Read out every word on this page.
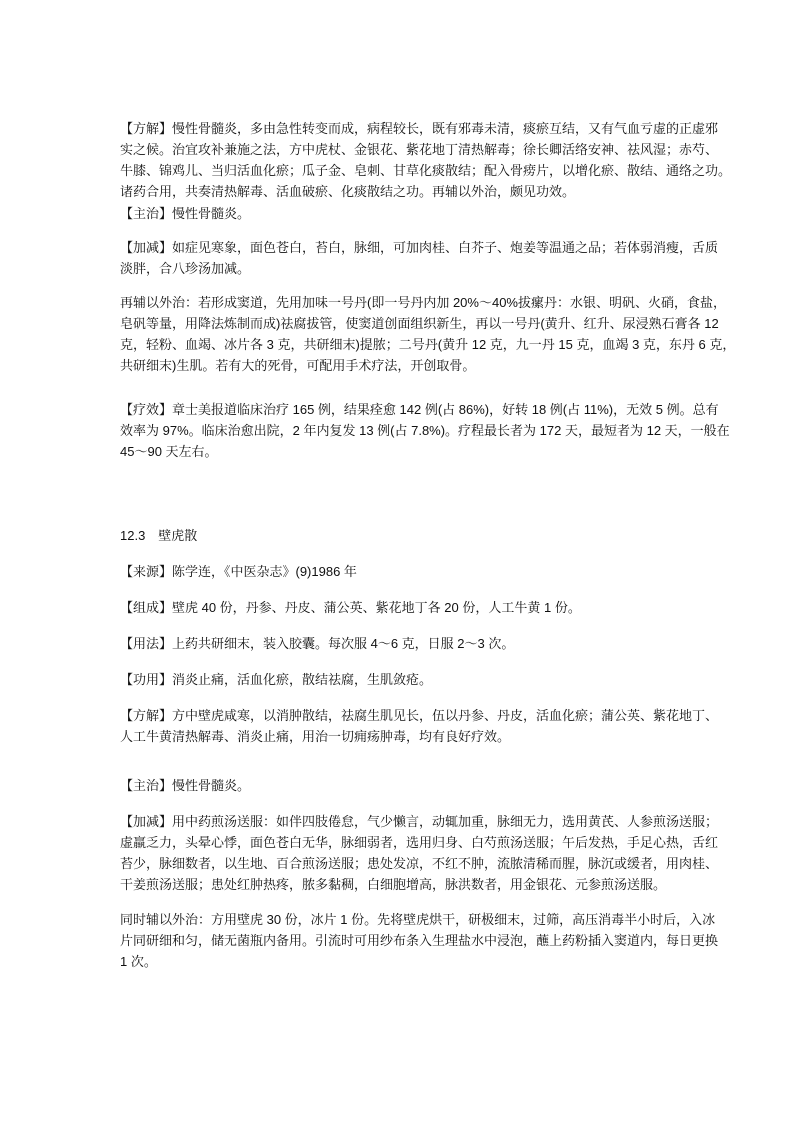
【方解】慢性骨髓炎，多由急性转变而成，病程较长，既有邪毒未清，痰瘀互结，又有气血亏虚的正虚邪
实之候。治宜攻补兼施之法，方中虎杖、金银花、紫花地丁清热解毒；徐长卿活络安神、祛风湿；赤芍、
牛膝、锦鸡儿、当归活血化瘀；瓜子金、皂刺、甘草化痰散结；配入骨痨片，以增化瘀、散结、通络之功。
诸药合用，共奏清热解毒、活血破瘀、化痰散结之功。再辅以外治，颇见功效。
【主治】慢性骨髓炎。
【加减】如症见寒象，面色苍白，苔白，脉细，可加肉桂、白芥子、炮姜等温通之品；若体弱消瘦，舌质
淡胖，合八珍汤加减。
再辅以外治：若形成窦道，先用加味一号丹(即一号丹内加 20%～40%拔瘰丹：水银、明矾、火硝，食盐，
皂矾等量，用降法炼制而成)祛腐拔管，使窦道创面组织新生，再以一号丹(黄升、红升、尿浸熟石膏各 12
克，轻粉、血竭、冰片各 3 克，共研细末)提脓；二号丹(黄升 12 克，九一丹 15 克，血竭 3 克，东丹 6 克，
共研细末)生肌。若有大的死骨，可配用手术疗法，开创取骨。
【疗效】章士美报道临床治疗 165 例，结果痊愈 142 例(占 86%)，好转 18 例(占 11%)，无效 5 例。总有
效率为 97%。临床治愈出院，2 年内复发 13 例(占 7.8%)。疗程最长者为 172 天，最短者为 12 天，一般在
45～90 天左右。
12.3　壁虎散
【来源】陈学连，《中医杂志》(9)1986 年
【组成】壁虎 40 份，丹参、丹皮、蒲公英、紫花地丁各 20 份，人工牛黄 1 份。
【用法】上药共研细末，装入胶囊。每次服 4～6 克，日服 2～3 次。
【功用】消炎止痛，活血化瘀，散结祛腐，生肌敛疮。
【方解】方中壁虎咸寒，以消肿散结，祛腐生肌见长，伍以丹参、丹皮，活血化瘀；蒲公英、紫花地丁、
人工牛黄清热解毒、消炎止痛，用治一切痈疡肿毒，均有良好疗效。
【主治】慢性骨髓炎。
【加减】用中药煎汤送服：如伴四肢倦怠，气少懒言，动辄加重，脉细无力，选用黄芪、人参煎汤送服；
虚羸乏力，头晕心悸，面色苍白无华，脉细弱者，选用归身、白芍煎汤送服；午后发热，手足心热，舌红
苔少，脉细数者，以生地、百合煎汤送服；患处发凉，不红不肿，流脓清稀而腥，脉沉或缓者，用肉桂、
干姜煎汤送服；患处红肿热疼，脓多黏稠，白细胞增高，脉洪数者，用金银花、元参煎汤送服。
同时辅以外治：方用壁虎 30 份，冰片 1 份。先将壁虎烘干，研极细末，过筛，高压消毒半小时后，入冰
片同研细和匀，储无菌瓶内备用。引流时可用纱布条入生理盐水中浸泡，蘸上药粉插入窦道内，每日更换
1 次。
